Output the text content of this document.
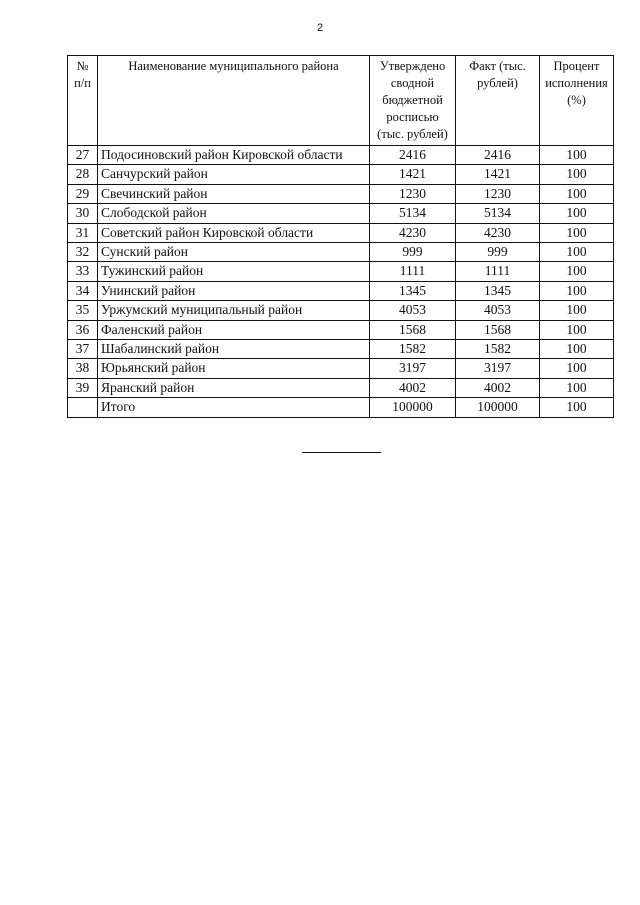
2
№ п/п	Наименование муниципального района	Утверждено сводной бюджетной росписью (тыс. рублей)	Факт (тыс. рублей)	Процент исполнения (%)
27	Подосиновский район Кировской области	2416	2416	100
28	Санчурский район	1421	1421	100
29	Свечинский район	1230	1230	100
30	Слободской район	5134	5134	100
31	Советский район Кировской области	4230	4230	100
32	Сунский район	999	999	100
33	Тужинский район	1111	1111	100
34	Унинский район	1345	1345	100
35	Уржумский муниципальный район	4053	4053	100
36	Фаленский район	1568	1568	100
37	Шабалинский район	1582	1582	100
38	Юрьянский район	3197	3197	100
39	Яранский район	4002	4002	100
	Итого	100000	100000	100
